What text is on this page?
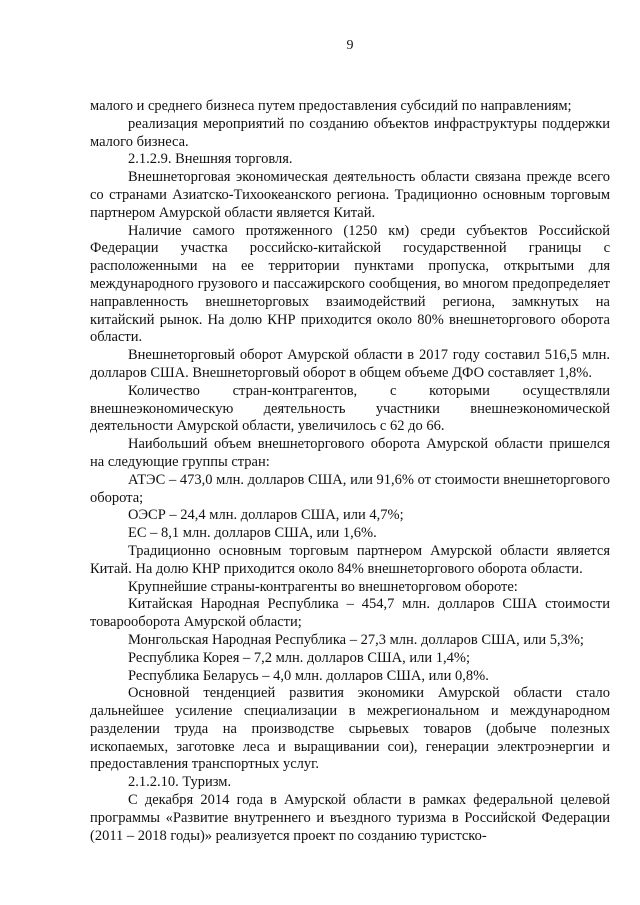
9

малого и среднего бизнеса путем предоставления субсидий по направлениям;

реализация мероприятий по созданию объектов инфраструктуры поддержки малого бизнеса.

2.1.2.9. Внешняя торговля.

Внешнеторговая экономическая деятельность области связана прежде всего со странами Азиатско-Тихоокеанского региона. Традиционно основным торговым партнером Амурской области является Китай.

Наличие самого протяженного (1250 км) среди субъектов Российской Федерации участка российско-китайской государственной границы с расположенными на ее территории пунктами пропуска, открытыми для международного грузового и пассажирского сообщения, во многом предопределяет направленность внешнеторговых взаимодействий региона, замкнутых на китайский рынок. На долю КНР приходится около 80% внешнеторгового оборота области.

Внешнеторговый оборот Амурской области в 2017 году составил 516,5 млн. долларов США. Внешнеторговый оборот в общем объеме ДФО составляет 1,8%.

Количество стран-контрагентов, с которыми осуществляли внешнеэкономическую деятельность участники внешнеэкономической деятельности Амурской области, увеличилось с 62 до 66.

Наибольший объем внешнеторгового оборота Амурской области пришелся на следующие группы стран:

АТЭС – 473,0 млн. долларов США, или 91,6% от стоимости внешнеторгового оборота;

ОЭСР – 24,4 млн. долларов США, или 4,7%;

ЕС – 8,1 млн. долларов США, или 1,6%.

Традиционно основным торговым партнером Амурской области является Китай. На долю КНР приходится около 84% внешнеторгового оборота области.

Крупнейшие страны-контрагенты во внешнеторговом обороте:

Китайская Народная Республика – 454,7 млн. долларов США стоимости товарооборота Амурской области;

Монгольская Народная Республика – 27,3 млн. долларов США, или 5,3%;

Республика Корея – 7,2 млн. долларов США, или 1,4%;

Республика Беларусь – 4,0 млн. долларов США, или 0,8%.

Основной тенденцией развития экономики Амурской области стало дальнейшее усиление специализации в межрегиональном и международном разделении труда на производстве сырьевых товаров (добыче полезных ископаемых, заготовке леса и выращивании сои), генерации электроэнергии и предоставления транспортных услуг.

2.1.2.10. Туризм.

С декабря 2014 года в Амурской области в рамках федеральной целевой программы «Развитие внутреннего и въездного туризма в Российской Федерации (2011 – 2018 годы)» реализуется проект по созданию туристско-
